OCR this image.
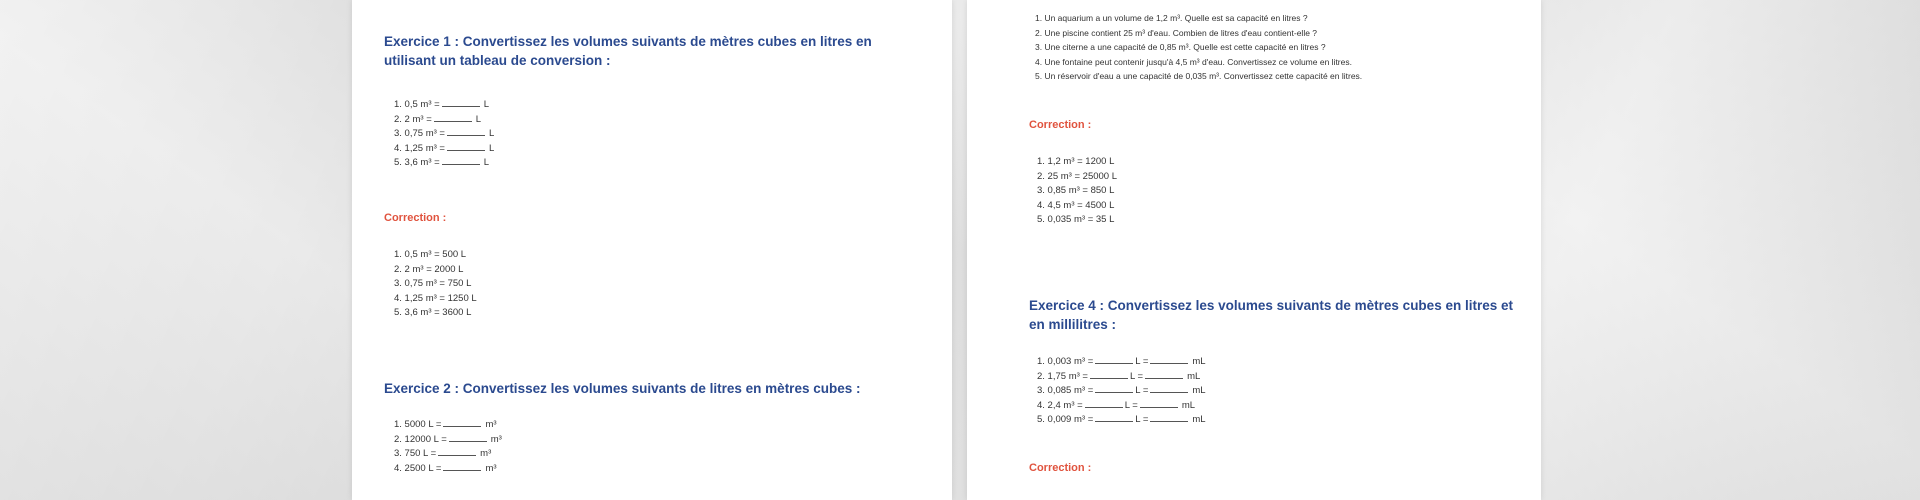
Exercice 1 : Convertissez les volumes suivants de mètres cubes en litres en utilisant un tableau de conversion :
1. 0,5 m³ =	L
2. 2 m³ =	L
3. 0,75 m³ =	L
4. 1,25 m³ =	L
5. 3,6 m³ =	L
Correction :
1. 0,5 m³ = 500 L
2. 2 m³ = 2000 L
3. 0,75 m³ = 750 L
4. 1,25 m³ = 1250 L
5. 3,6 m³ = 3600 L
Exercice 2 : Convertissez les volumes suivants de litres en mètres cubes :
1. 5000 L =	m³
2. 12000 L =	m³
3. 750 L =	m³
4. 2500 L =	m³
1. Un aquarium a un volume de 1,2 m³. Quelle est sa capacité en litres ?
2. Une piscine contient 25 m³ d'eau. Combien de litres d'eau contient-elle ?
3. Une citerne a une capacité de 0,85 m³. Quelle est cette capacité en litres ?
4. Une fontaine peut contenir jusqu'à 4,5 m³ d'eau. Convertissez ce volume en litres.
5. Un réservoir d'eau a une capacité de 0,035 m³. Convertissez cette capacité en litres.
Correction :
1. 1,2 m³ = 1200 L
2. 25 m³ = 25000 L
3. 0,85 m³ = 850 L
4. 4,5 m³ = 4500 L
5. 0,035 m³ = 35 L
Exercice 4 : Convertissez les volumes suivants de mètres cubes en litres et en millilitres :
1. 0,003 m³ =	L =	mL
2. 1,75 m³ =	L =	mL
3. 0,085 m³ =	L =	mL
4. 2,4 m³ =	L =	mL
5. 0,009 m³ =	L =	mL
Correction :
